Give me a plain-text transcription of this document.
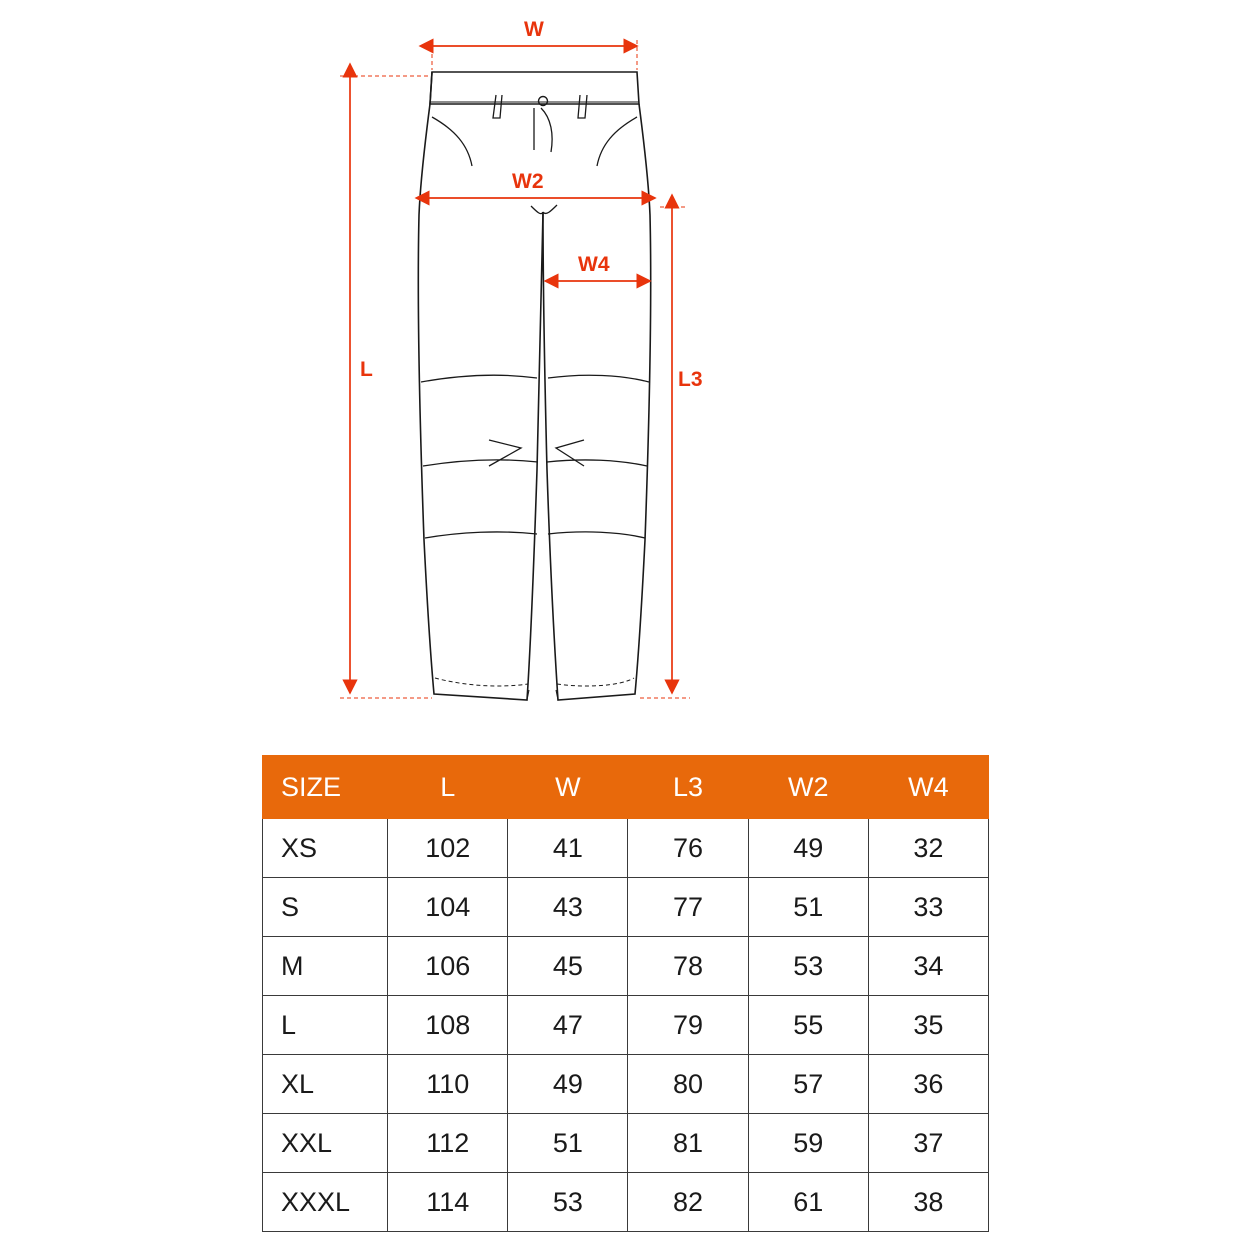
W
W2
W4
L	L3
SIZE	L	W	L3	W2	W4
XS	102	41	76	49	32
S	104	43	77	51	33
M	106	45	78	53	34
L	108	47	79	55	35
XL	110	49	80	57	36
XXL	112	51	81	59	37
XXXL	114	53	82	61	38
